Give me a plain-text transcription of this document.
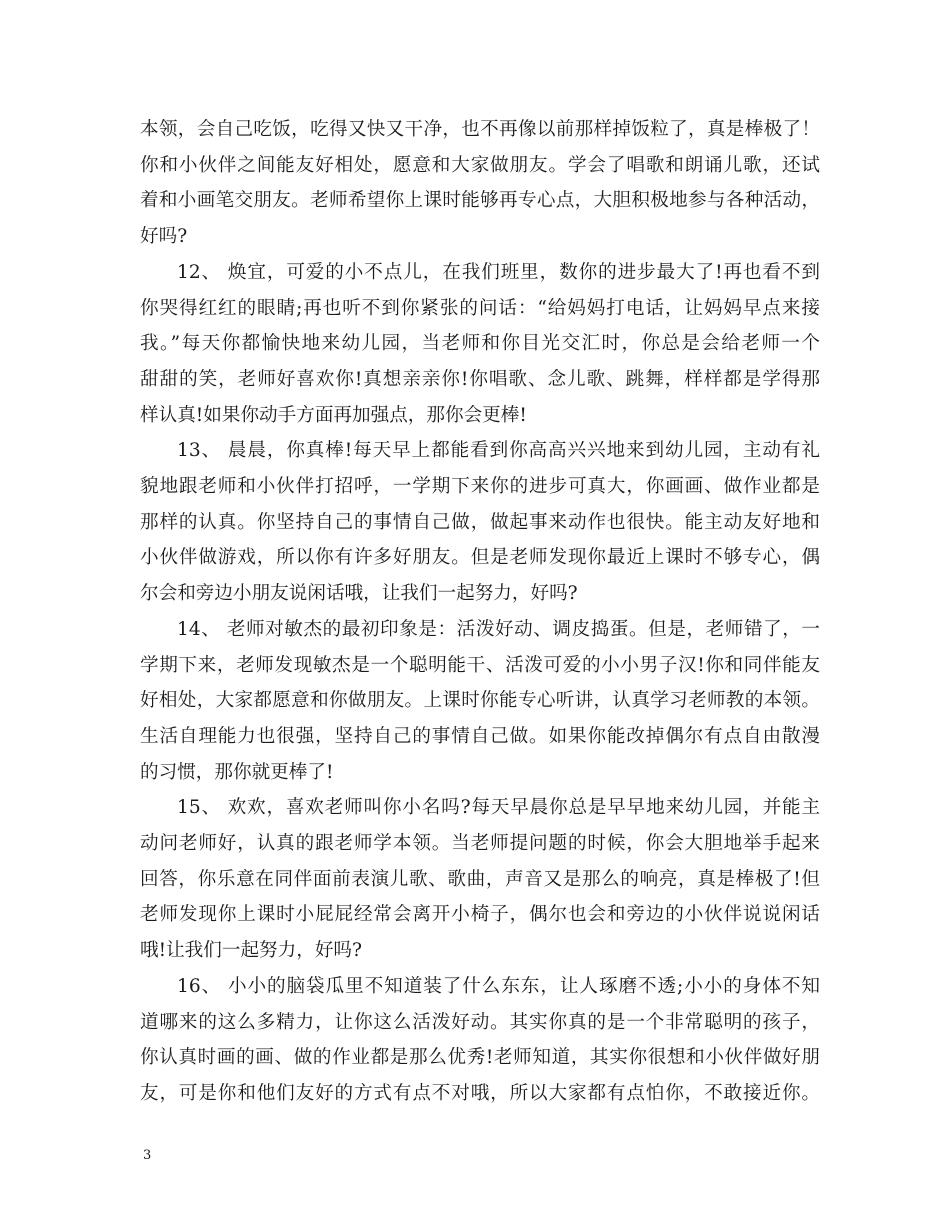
本领，会自己吃饭，吃得又快又干净，也不再像以前那样掉饭粒了，真是棒极了！
你和小伙伴之间能友好相处，愿意和大家做朋友。学会了唱歌和朗诵儿歌，还试
着和小画笔交朋友。老师希望你上课时能够再专心点，大胆积极地参与各种活动，
好吗?
12、 焕宜，可爱的小不点儿，在我们班里，数你的进步最大了!再也看不到
你哭得红红的眼睛;再也听不到你紧张的问话：“给妈妈打电话，让妈妈早点来接
我。”每天你都愉快地来幼儿园，当老师和你目光交汇时，你总是会给老师一个
甜甜的笑，老师好喜欢你!真想亲亲你!你唱歌、念儿歌、跳舞，样样都是学得那
样认真!如果你动手方面再加强点，那你会更棒!
13、 晨晨，你真棒!每天早上都能看到你高高兴兴地来到幼儿园，主动有礼
貌地跟老师和小伙伴打招呼，一学期下来你的进步可真大，你画画、做作业都是
那样的认真。你坚持自己的事情自己做，做起事来动作也很快。能主动友好地和
小伙伴做游戏，所以你有许多好朋友。但是老师发现你最近上课时不够专心，偶
尔会和旁边小朋友说闲话哦，让我们一起努力，好吗?
14、 老师对敏杰的最初印象是：活泼好动、调皮捣蛋。但是，老师错了，一
学期下来，老师发现敏杰是一个聪明能干、活泼可爱的小小男子汉!你和同伴能友
好相处，大家都愿意和你做朋友。上课时你能专心听讲，认真学习老师教的本领。
生活自理能力也很强，坚持自己的事情自己做。如果你能改掉偶尔有点自由散漫
的习惯，那你就更棒了!
15、 欢欢，喜欢老师叫你小名吗?每天早晨你总是早早地来幼儿园，并能主
动问老师好，认真的跟老师学本领。当老师提问题的时候，你会大胆地举手起来
回答，你乐意在同伴面前表演儿歌、歌曲，声音又是那么的响亮，真是棒极了!但
老师发现你上课时小屁屁经常会离开小椅子，偶尔也会和旁边的小伙伴说说闲话
哦!让我们一起努力，好吗?
16、 小小的脑袋瓜里不知道装了什么东东，让人琢磨不透;小小的身体不知
道哪来的这么多精力，让你这么活泼好动。其实你真的是一个非常聪明的孩子，
你认真时画的画、做的作业都是那么优秀!老师知道，其实你很想和小伙伴做好朋
3
友，可是你和他们友好的方式有点不对哦，所以大家都有点怕你，不敢接近你。
